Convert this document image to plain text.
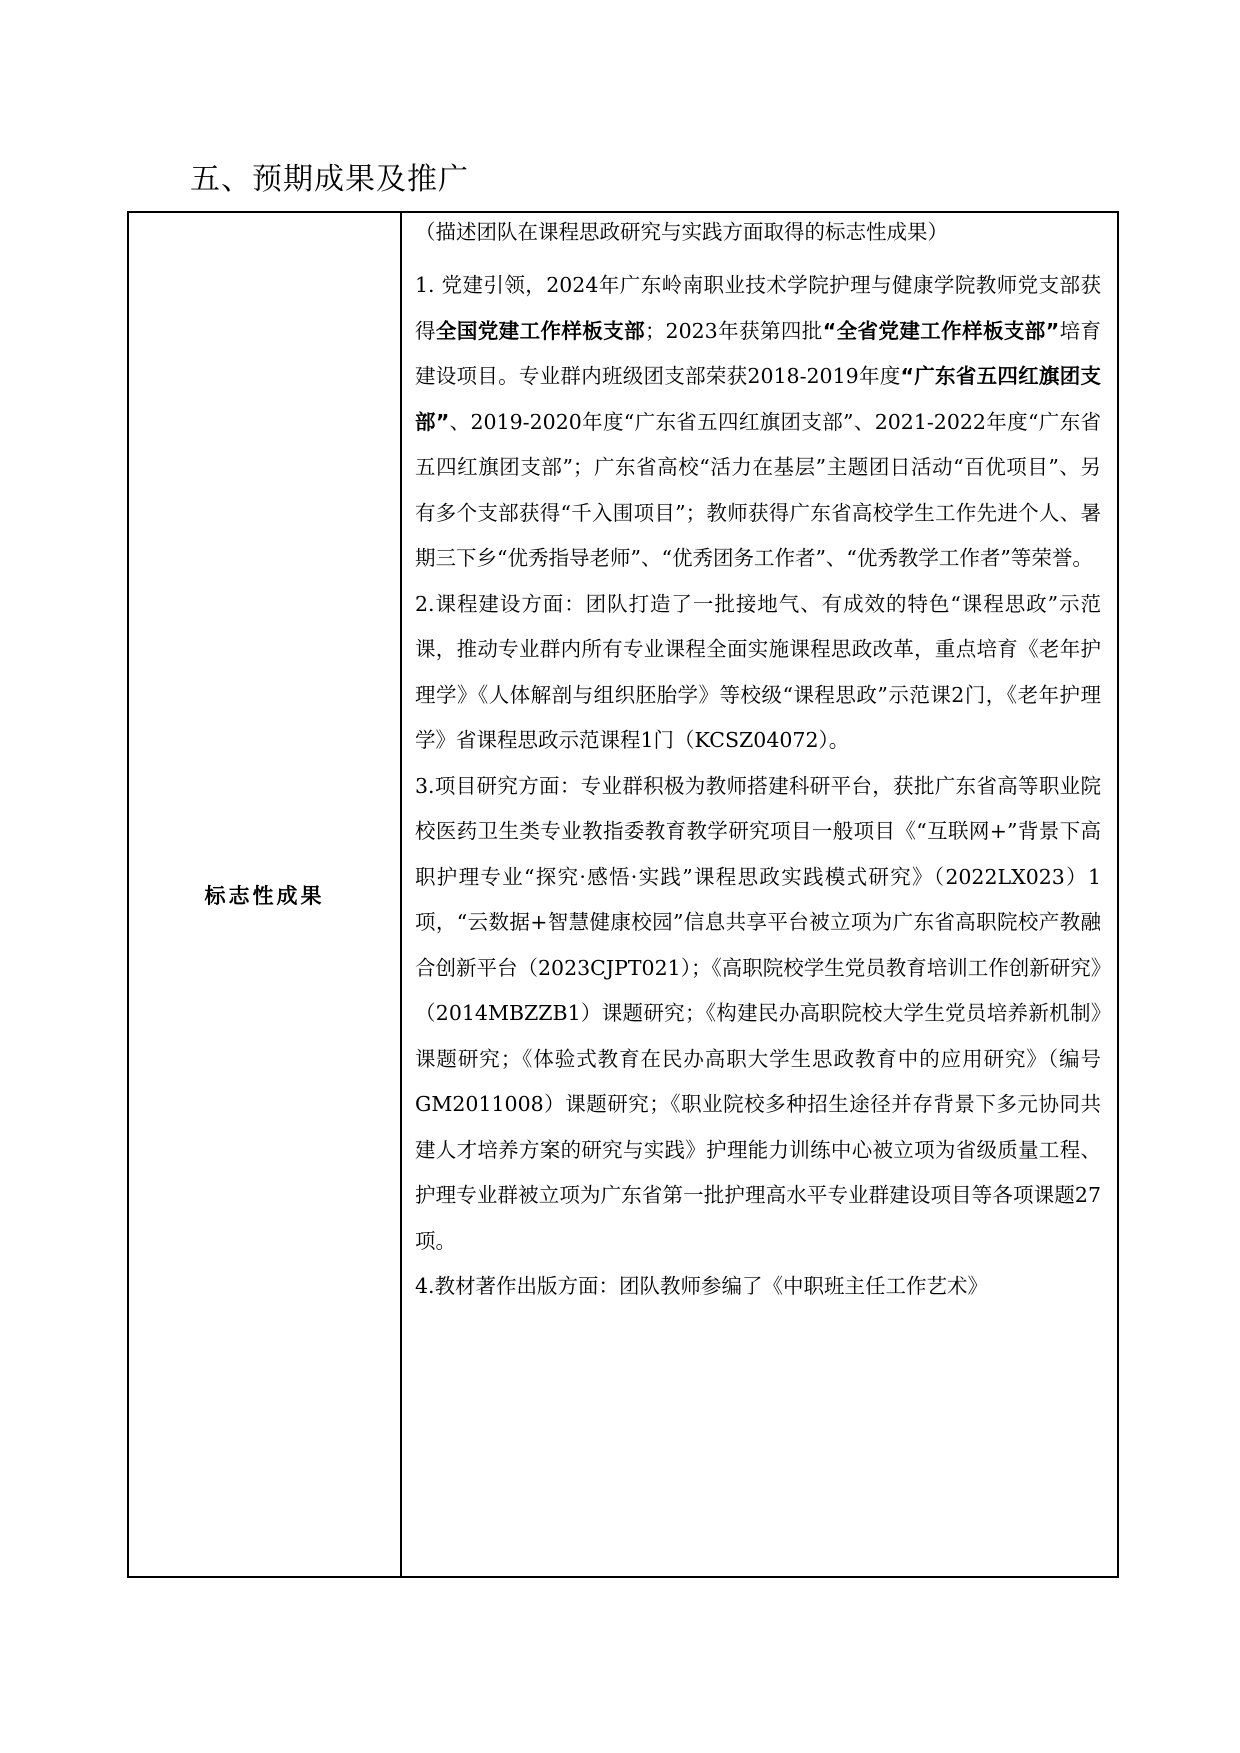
五、预期成果及推广
标志性成果

（描述团队在课程思政研究与实践方面取得的标志性成果）

1. 党建引领，2024年广东岭南职业技术学院护理与健康学院教师党支部获得全国党建工作样板支部；2023年获第四批“全省党建工作样板支部”培育建设项目。专业群内班级团支部荣获2018-2019年度“广东省五四红旗团支部”、2019-2020年度“广东省五四红旗团支部”、2021-2022年度“广东省五四红旗团支部”；广东省高校“活力在基层”主题团日活动“百优项目”、另有多个支部获得“千入围项目”；教师获得广东省高校学生工作先进个人、暑期三下乡“优秀指导老师”、“优秀团务工作者”、“优秀教学工作者”等荣誉。

2.课程建设方面：团队打造了一批接地气、有成效的特色“课程思政”示范课，推动专业群内所有专业课程全面实施课程思政改革，重点培育《老年护理学》《人体解剖与组织胚胎学》等校级“课程思政”示范课2门，《老年护理学》省课程思政示范课程1门（KCSZ04072）。

3.项目研究方面：专业群积极为教师搭建科研平台，获批广东省高等职业院校医药卫生类专业教指委教育教学研究项目一般项目《“互联网+”背景下高职护理专业“探究·感悟·实践”课程思政实践模式研究》（2022LX023）1项，“云数据+智慧健康校园”信息共享平台被立项为广东省高职院校产教融合创新平台（2023CJPT021）；《高职院校学生党员教育培训工作创新研究》（2014MBZZB1）课题研究；《构建民办高职院校大学生党员培养新机制》课题研究；《体验式教育在民办高职大学生思政教育中的应用研究》（编号GM2011008）课题研究；《职业院校多种招生途径并存背景下多元协同共建人才培养方案的研究与实践》护理能力训练中心被立项为省级质量工程、护理专业群被立项为广东省第一批护理高水平专业群建设项目等各项课题27项。

4.教材著作出版方面：团队教师参编了《中职班主任工作艺术》
